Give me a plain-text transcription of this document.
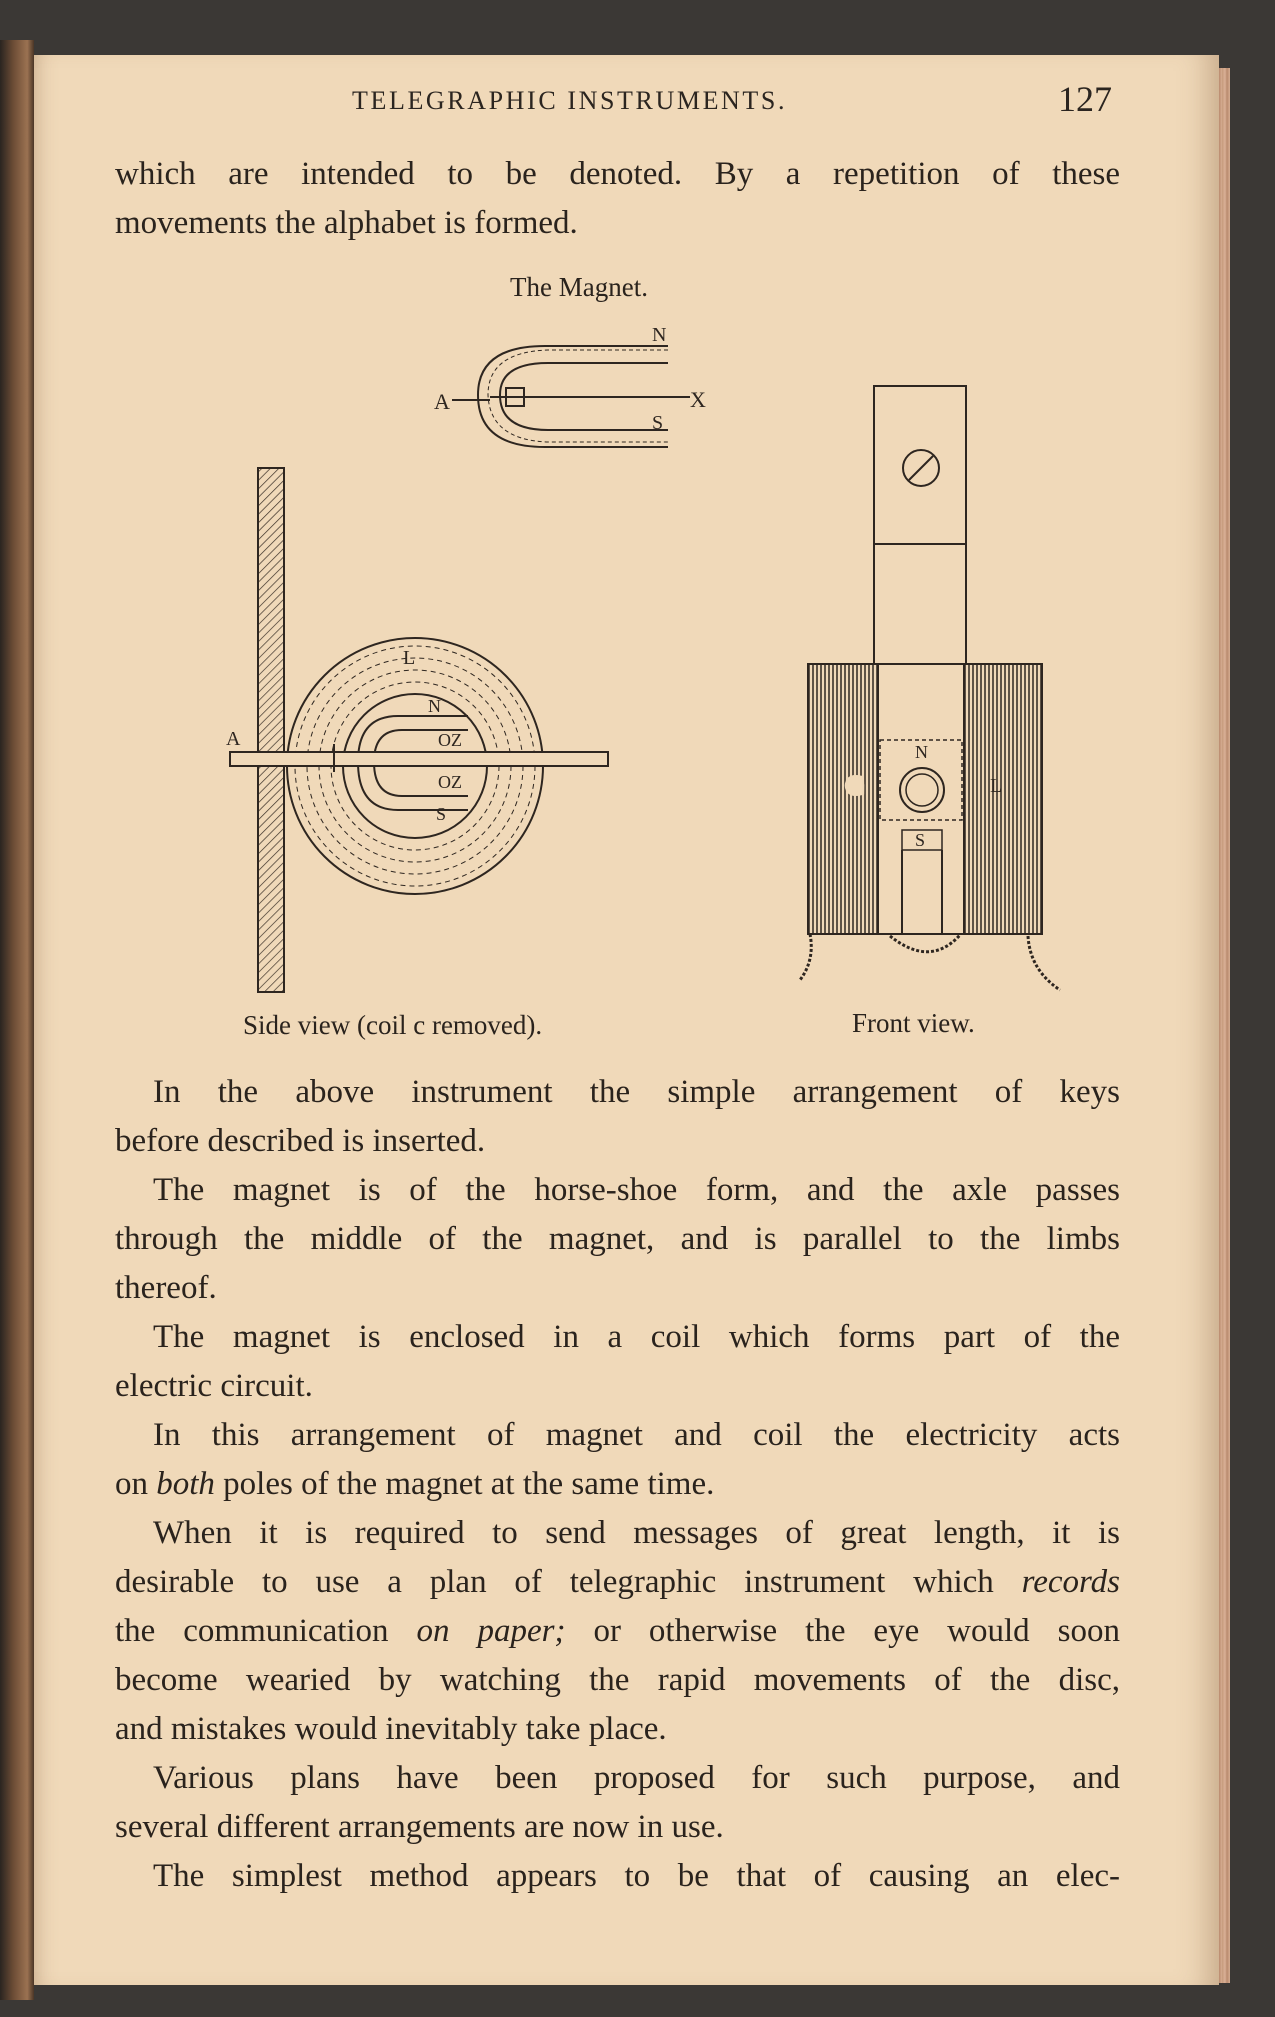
TELEGRAPHIC INSTRUMENTS.	127

which are intended to be denoted. By a repetition of these
movements the alphabet is formed.

The Magnet.
A
N
S
X
L
N
OZ
OZ
S
A
C	L
N
S
Side view (coil c removed).	Front view.

In the above instrument the simple arrangement of keys
before described is inserted.

The magnet is of the horse-shoe form, and the axle passes
through the middle of the magnet, and is parallel to the limbs
thereof.

The magnet is enclosed in a coil which forms part of the
electric circuit.

In this arrangement of magnet and coil the electricity acts
on both poles of the magnet at the same time.

When it is required to send messages of great length, it is
desirable to use a plan of telegraphic instrument which records
the communication on paper; or otherwise the eye would soon
become wearied by watching the rapid movements of the disc,
and mistakes would inevitably take place.

Various plans have been proposed for such purpose, and
several different arrangements are now in use.

The simplest method appears to be that of causing an elec-
